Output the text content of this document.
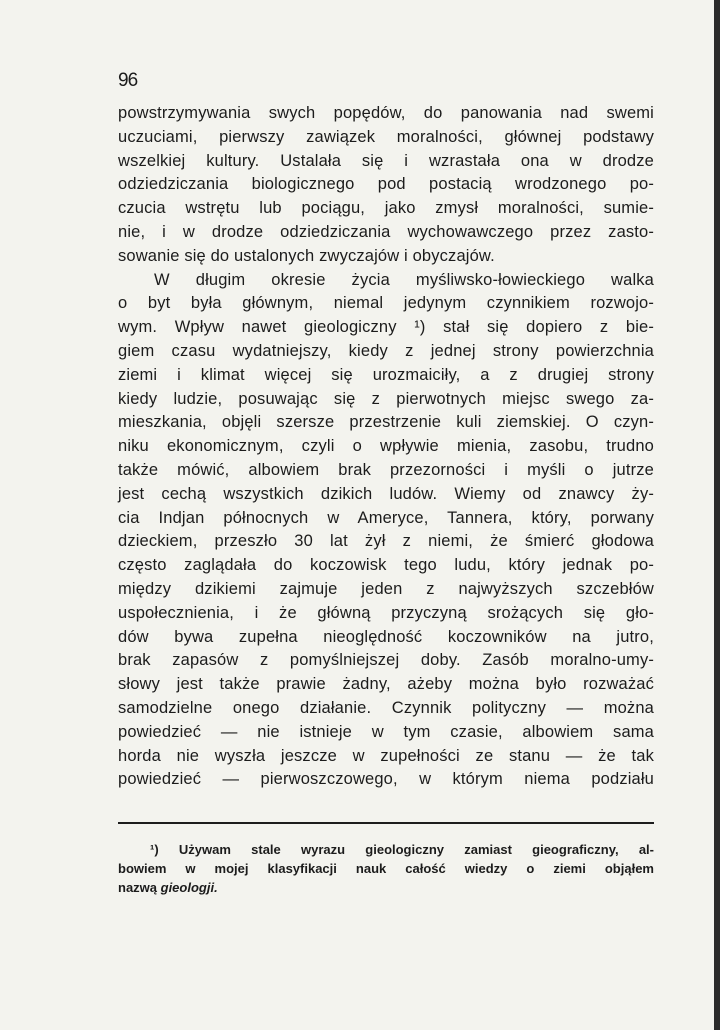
96
powstrzymywania swych popędów, do panowania nad swemi
uczuciami, pierwszy zawiązek moralności, głównej podstawy
wszelkiej kultury. Ustalała się i wzrastała ona w drodze
odziedziczania biologicznego pod postacią wrodzonego po-
czucia wstrętu lub pociągu, jako zmysł moralności, sumie-
nie, i w drodze odziedziczania wychowawczego przez zasto-
sowanie się do ustalonych zwyczajów i obyczajów.
W długim okresie życia myśliwsko-łowieckiego walka
o byt była głównym, niemal jedynym czynnikiem rozwojo-
wym. Wpływ nawet gieologiczny ¹) stał się dopiero z bie-
giem czasu wydatniejszy, kiedy z jednej strony powierzchnia
ziemi i klimat więcej się urozmaiciły, a z drugiej strony
kiedy ludzie, posuwając się z pierwotnych miejsc swego za-
mieszkania, objęli szersze przestrzenie kuli ziemskiej. O czyn-
niku ekonomicznym, czyli o wpływie mienia, zasobu, trudno
także mówić, albowiem brak przezorności i myśli o jutrze
jest cechą wszystkich dzikich ludów. Wiemy od znawcy ży-
cia Indjan północnych w Ameryce, Tannera, który, porwany
dzieckiem, przeszło 30 lat żył z niemi, że śmierć głodowa
często zaglądała do koczowisk tego ludu, który jednak po-
między dzikiemi zajmuje jeden z najwyższych szczebłów
uspołecznienia, i że główną przyczyną srożących się gło-
dów bywa zupełna nieoględność koczowników na jutro,
brak zapasów z pomyślniejszej doby. Zasób moralno-umy-
słowy jest także prawie żadny, ażeby można było rozważać
samodzielne onego działanie. Czynnik polityczny — można
powiedzieć — nie istnieje w tym czasie, albowiem sama
horda nie wyszła jeszcze w zupełności ze stanu — że tak
powiedzieć — pierwoszczowego, w którym niema podziału
¹) Używam stale wyrazu gieologiczny zamiast gieograficzny, al-
bowiem w mojej klasyfikacji nauk całość wiedzy o ziemi objąłem
nazwą gieologji.
